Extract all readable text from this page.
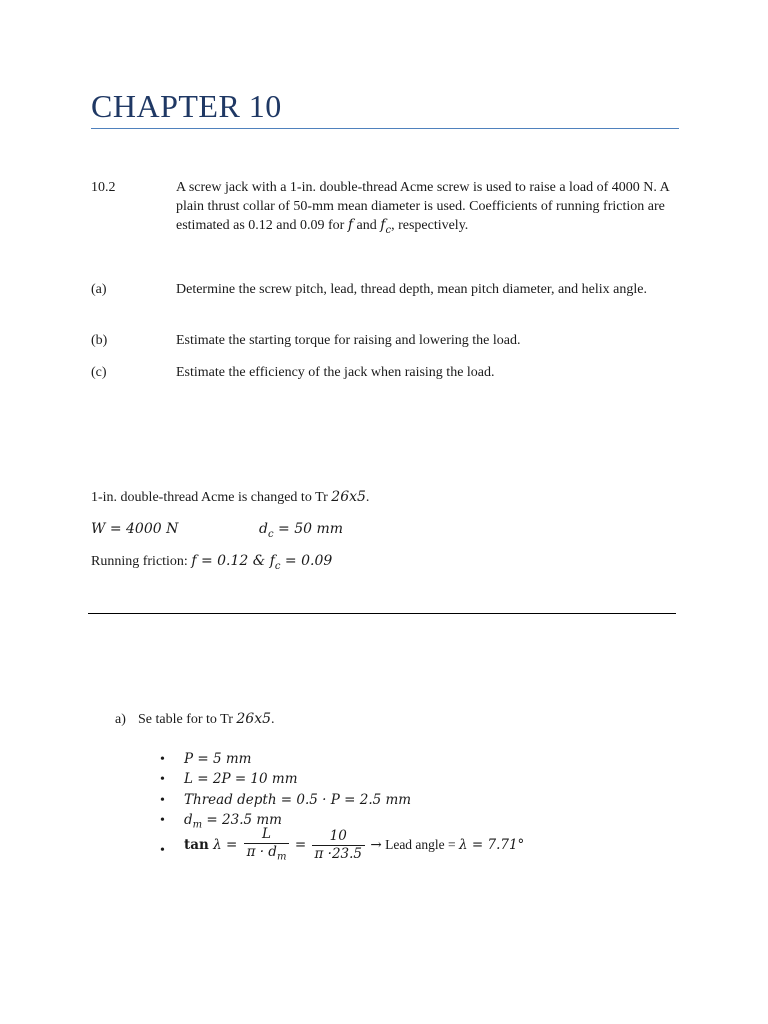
CHAPTER 10
10.2	A screw jack with a 1-in. double-thread Acme screw is used to raise a load of 4000 N. A plain thrust collar of 50-mm mean diameter is used. Coefficients of running friction are estimated as 0.12 and 0.09 for f and $f_c$, respectively.
(a)	Determine the screw pitch, lead, thread depth, mean pitch diameter, and helix angle.
(b)	Estimate the starting torque for raising and lowering the load.
(c)	Estimate the efficiency of the jack when raising the load.
1-in. double-thread Acme is changed to Tr 26x5.
W = 4000 N	$d_c = 50$ mm
Running friction: f = 0.12 & $f_c = 0.09$
a) Se table for to Tr 26x5.
• P = 5 mm
• L = 2P = 10 mm
• Thread depth = 0.5 · P = 2.5 mm
• $d_m = 23.5$ mm
• $\tan \lambda = \frac{L}{\pi \cdot d_m} = \frac{10}{\pi \cdot 23.5}$ → Lead angle = λ = 7.71°
